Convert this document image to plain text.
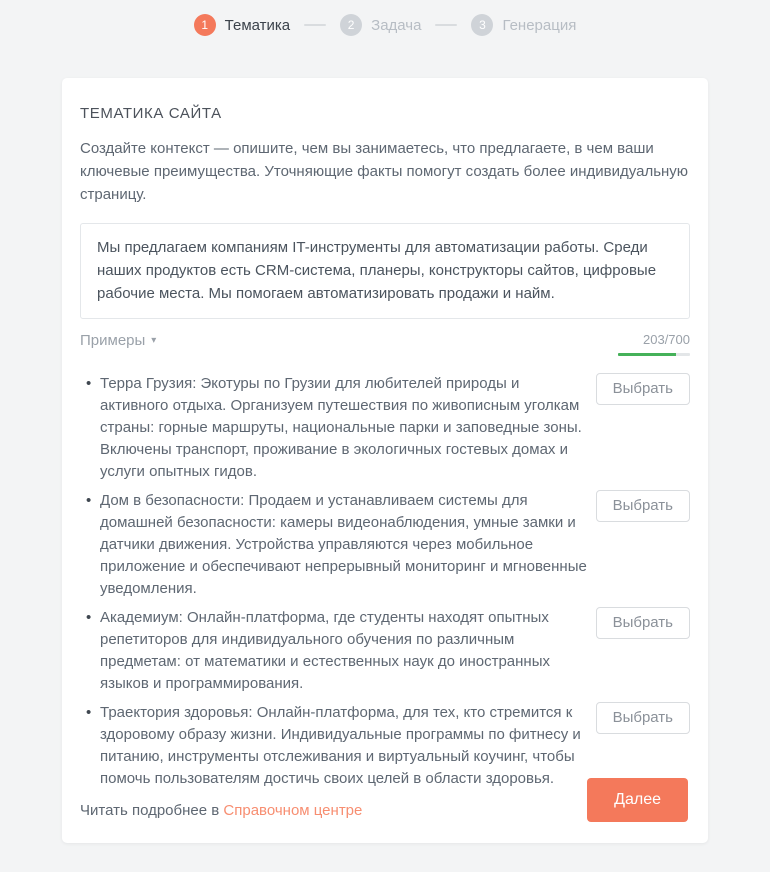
1	Тематика	2	Задача	3	Генерация
ТЕМАТИКА САЙТА

Создайте контекст — опишите, чем вы занимаетесь, что предлагаете, в чем ваши ключевые преимущества. Уточняющие факты помогут создать более индивидуальную страницу.

Мы предлагаем компаниям IT-инструменты для автоматизации работы. Среди наших продуктов есть CRM-система, планеры, конструкторы сайтов, цифровые рабочие места. Мы помогаем автоматизировать продажи и найм.
Примеры ▾	203/700
• Терра Грузия: Экотуры по Грузии для любителей природы и активного отдыха. Организуем путешествия по живописным уголкам страны: горные маршруты, национальные парки и заповедные зоны. Включены транспорт, проживание в экологичных гостевых домах и услуги опытных гидов.

Выбрать
• Дом в безопасности: Продаем и устанавливаем системы для домашней безопасности: камеры видеонаблюдения, умные замки и датчики движения. Устройства управляются через мобильное приложение и обеспечивают непрерывный мониторинг и мгновенные уведомления.

Выбрать
• Академиум: Онлайн-платформа, где студенты находят опытных репетиторов для индивидуального обучения по различным предметам: от математики и естественных наук до иностранных языков и программирования.

Выбрать
• Траектория здоровья: Онлайн-платформа, для тех, кто стремится к здоровому образу жизни. Индивидуальные программы по фитнесу и питанию, инструменты отслеживания и виртуальный коучинг, чтобы помочь пользователям достичь своих целей в области здоровья.

Выбрать

Читать подробнее в Справочном центре

Далее
